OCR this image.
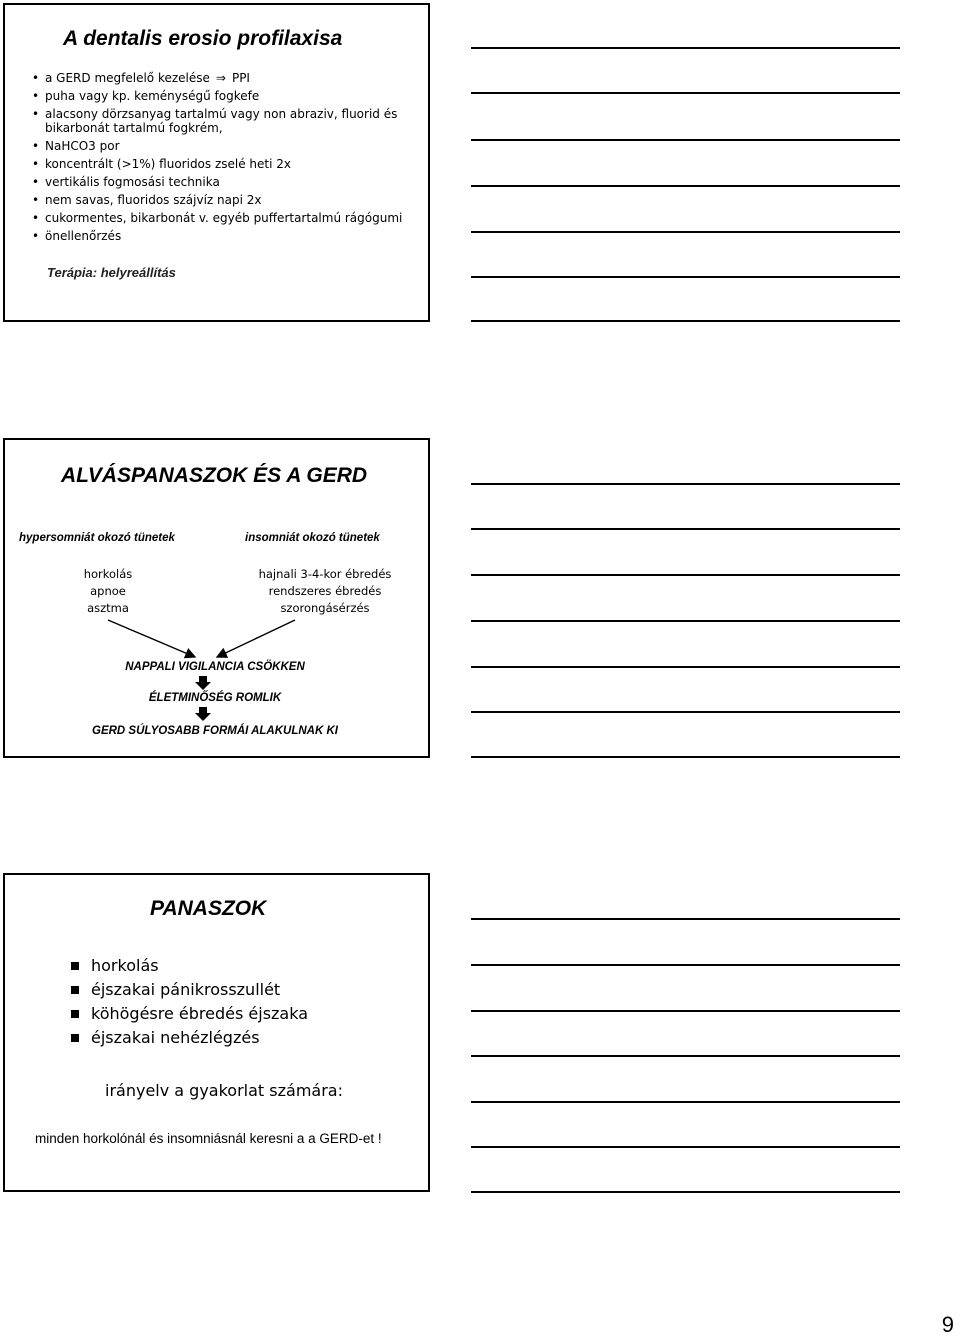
A dentalis erosio profilaxisa
• a GERD megfelelő kezelése ⇒ PPI
• puha vagy kp. keménységű fogkefe
• alacsony dörzsanyag tartalmú vagy non abraziv, fluorid és bikarbonát tartalmú fogkrém,
• NaHCO3 por
• koncentrált (>1%) fluoridos zselé heti 2x
• vertikális fogmosási technika
• nem savas, fluoridos szájvíz napi 2x
• cukormentes, bikarbonát v. egyéb puffertartalmú rágógumi
• önellenőrzés
Terápia: helyreállítás
ALVÁSPANASZOK ÉS A GERD
hypersomniát okozó tünetek	insomniát okozó tünetek
horkolás
apnoe
asztma
hajnali 3-4-kor ébredés
rendszeres ébredés
szorongásérzés
NAPPALI VIGILANCIA CSÖKKEN
ÉLETMINŐSÉG ROMLIK
GERD SÚLYOSABB FORMÁI ALAKULNAK KI
PANASZOK
horkolás
éjszakai pánikrosszullét
köhögésre ébredés éjszaka
éjszakai nehézlégzés
irányelv a gyakorlat számára:
minden horkolónál és insomniásnál keresni a a GERD-et !
9
